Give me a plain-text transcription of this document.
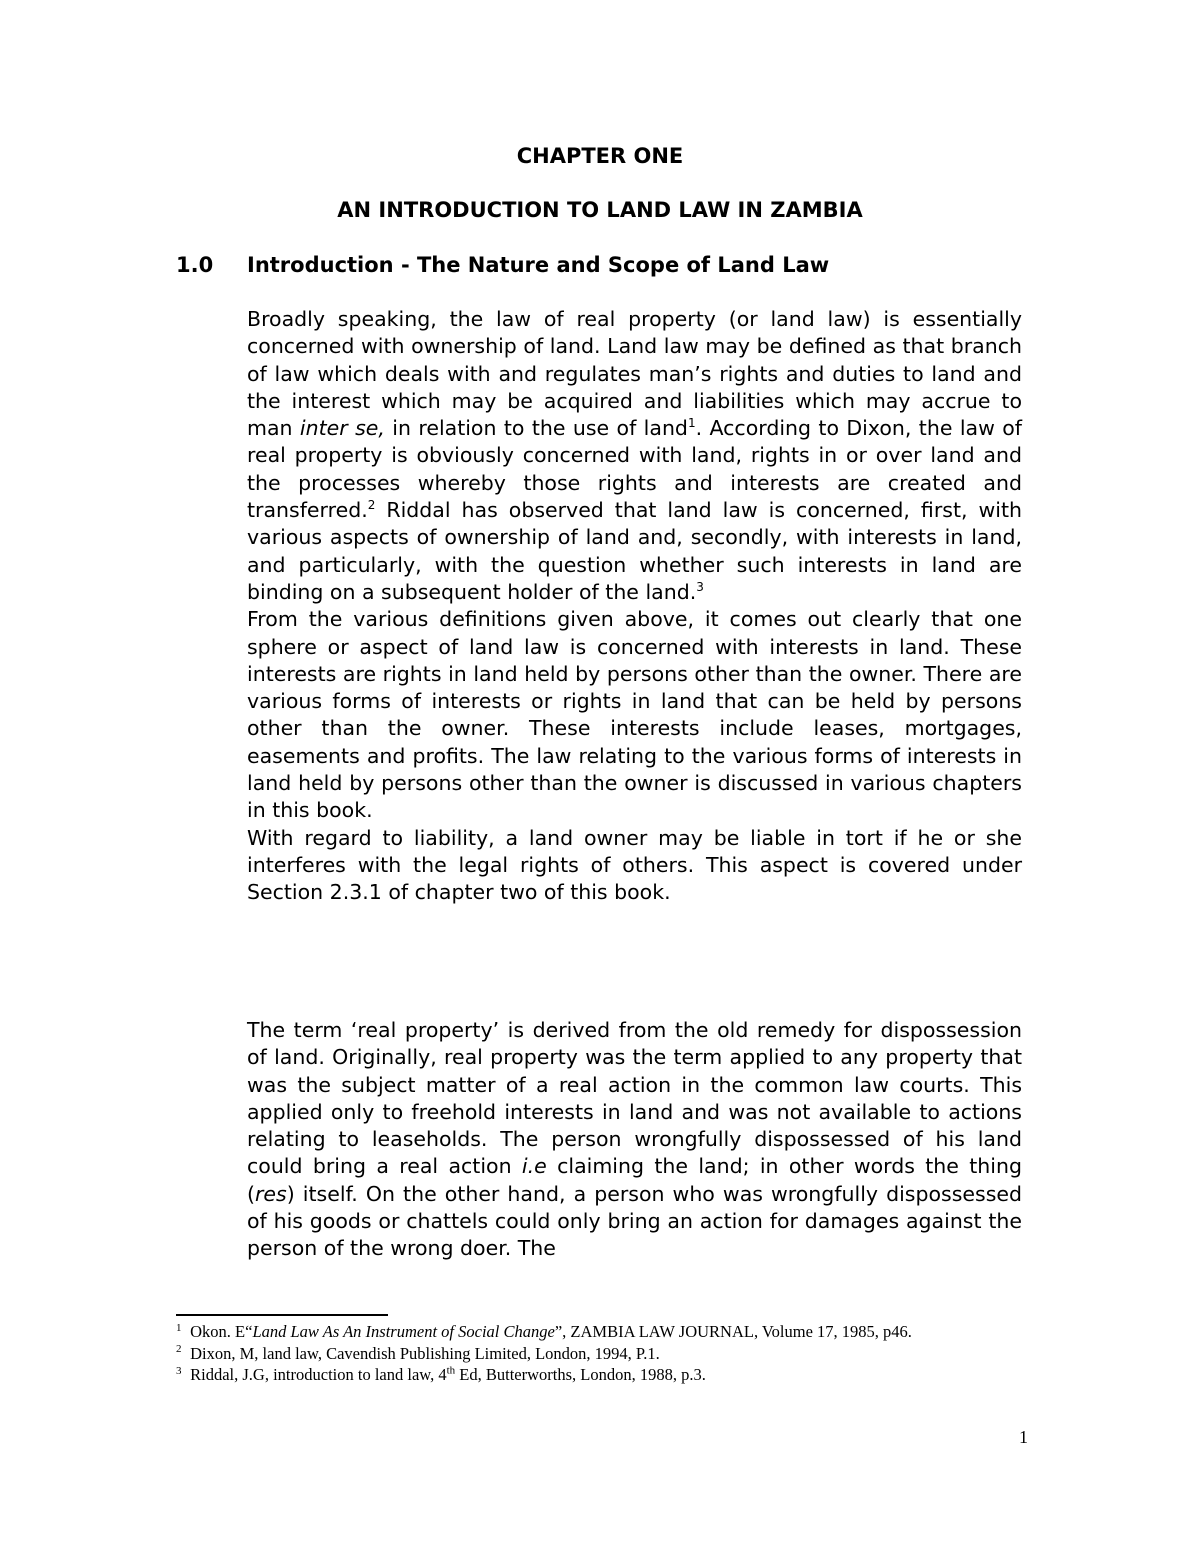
CHAPTER ONE
AN INTRODUCTION TO LAND LAW IN ZAMBIA
1.0 Introduction - The Nature and Scope of Land Law

Broadly speaking, the law of real property (or land law) is essentially concerned with ownership of land. Land law may be defined as that branch of law which deals with and regulates man’s rights and duties to land and the interest which may be acquired and liabilities which may accrue to man inter se, in relation to the use of land$^1$. According to Dixon, the law of real property is obviously concerned with land, rights in or over land and the processes whereby those rights and interests are created and transferred.$^2$ Riddal has observed that land law is concerned, first, with various aspects of ownership of land and, secondly, with interests in land, and particularly, with the question whether such interests in land are binding on a subsequent holder of the land.$^3$

From the various definitions given above, it comes out clearly that one sphere or aspect of land law is concerned with interests in land. These interests are rights in land held by persons other than the owner. There are various forms of interests or rights in land that can be held by persons other than the owner. These interests include leases, mortgages, easements and profits. The law relating to the various forms of interests in land held by persons other than the owner is discussed in various chapters in this book.

With regard to liability, a land owner may be liable in tort if he or she interferes with the legal rights of others. This aspect is covered under Section 2.3.1 of chapter two of this book.

The term ‘real property’ is derived from the old remedy for dispossession of land. Originally, real property was the term applied to any property that was the subject matter of a real action in the common law courts. This applied only to freehold interests in land and was not available to actions relating to leaseholds. The person wrongfully dispossessed of his land could bring a real action i.e claiming the land; in other words the thing (res) itself. On the other hand, a person who was wrongfully dispossessed of his goods or chattels could only bring an action for damages against the person of the wrong doer. The

1 Okon. E“Land Law As An Instrument of Social Change”, ZAMBIA LAW JOURNAL, Volume 17, 1985, p46.

2 Dixon, M, land law, Cavendish Publishing Limited, London, 1994, P.1.

3 Riddal, J.G, introduction to land law, 4th Ed, Butterworths, London, 1988, p.3.

1
